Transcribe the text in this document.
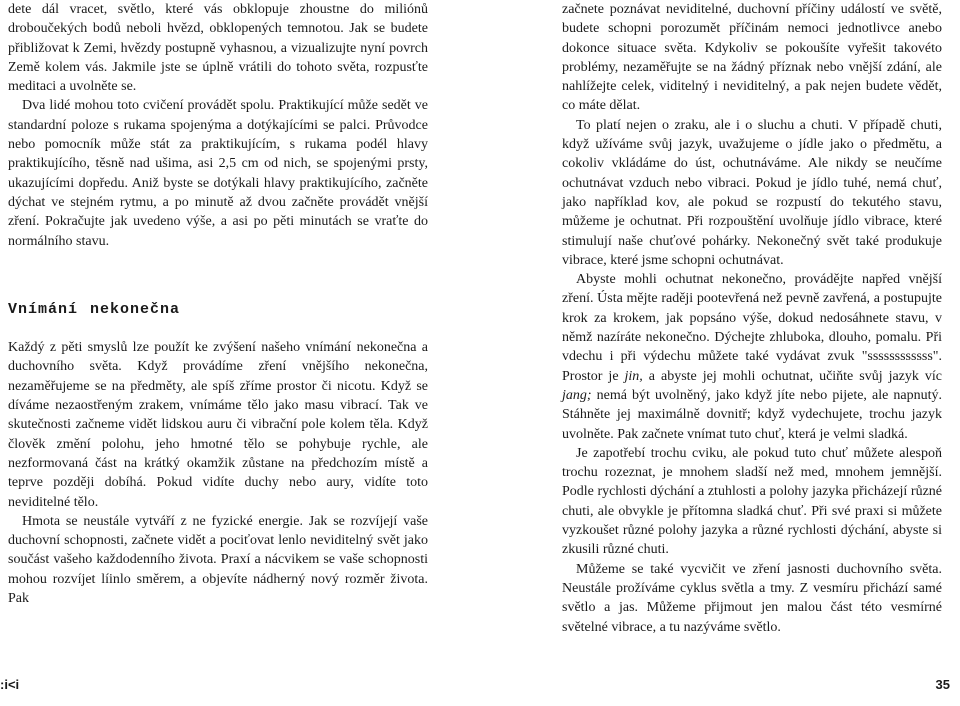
dete dál vracet, světlo, které vás obklopuje zhoustne do miliónů droboučekých bodů neboli hvězd, obklopených temnotou. Jak se budete přibližovat k Zemi, hvězdy postupně vyhasnou, a vizualizujte nyní povrch Země kolem vás. Jakmile jste se úplně vrátili do tohoto světa, rozpusťte meditaci a uvolněte se.

Dva lidé mohou toto cvičení provádět spolu. Praktikující může sedět ve standardní poloze s rukama spojenýma a dotýkajícími se palci. Průvodce nebo pomocník může stát za praktikujícím, s rukama podél hlavy praktikujícího, těsně nad ušima, asi 2,5 cm od nich, se spojenými prsty, ukazujícími dopředu. Aniž byste se dotýkali hlavy praktikujícího, začněte dýchat ve stejném rytmu, a po minutě až dvou začněte provádět vnější zření. Pokračujte jak uvedeno výše, a asi po pěti minutách se vraťte do normálního stavu.

Vnímání nekonečna

Každý z pěti smyslů lze použít ke zvýšení našeho vnímání nekonečna a duchovního světa. Když provádíme zření vnějšího nekonečna, nezaměřujeme se na předměty, ale spíš zříme prostor či nicotu. Když se díváme nezaostřeným zrakem, vnímáme tělo jako masu vibrací. Tak ve skutečnosti začneme vidět lidskou auru či vibrační pole kolem těla. Když člověk změní polohu, jeho hmotné tělo se pohybuje rychle, ale nezformovaná část na krátký okamžik zůstane na předchozím místě a teprve později dobíhá. Pokud vidíte duchy nebo aury, vidíte toto neviditelné tělo.

Hmota se neustále vytváří z ne fyzické energie. Jak se rozvíjejí vaše duchovní schopnosti, začnete vidět a pociťovat lenlo neviditelný svět jako součást vašeho každodenního života. Praxí a nácvikem se vaše schopnosti mohou rozvíjet líinlo směrem, a objevíte nádherný nový rozměr života. Pak

začnete poznávat neviditelné, duchovní příčiny událostí ve světě, budete schopni porozumět příčinám nemoci jednotlivce anebo dokonce situace světa. Kdykoliv se pokoušíte vyřešit takovéto problémy, nezaměřujte se na žádný příznak nebo vnější zdání, ale nahlížejte celek, viditelný i neviditelný, a pak nejen budete vědět, co máte dělat.

To platí nejen o zraku, ale i o sluchu a chuti. V případě chuti, když užíváme svůj jazyk, uvažujeme o jídle jako o předmětu, a cokoliv vkládáme do úst, ochutnáváme. Ale nikdy se neučíme ochutnávat vzduch nebo vibraci. Pokud je jídlo tuhé, nemá chuť, jako například kov, ale pokud se rozpustí do tekutého stavu, můžeme je ochutnat. Při rozpouštění uvolňuje jídlo vibrace, které stimulují naše chuťové pohárky. Nekonečný svět také produkuje vibrace, které jsme schopni ochutnávat.

Abyste mohli ochutnat nekonečno, provádějte napřed vnější zření. Ústa mějte raději pootevřená než pevně zavřená, a postupujte krok za krokem, jak popsáno výše, dokud nedosáhnete stavu, v němž nazíráte nekonečno. Dýchejte zhluboka, dlouho, pomalu. Při vdechu i při výdechu můžete také vydávat zvuk "ssssssssssss". Prostor je jin, a abyste jej mohli ochutnat, učiňte svůj jazyk víc jang; nemá být uvolněný, jako když jíte nebo pijete, ale napnutý. Stáhněte jej maximálně dovnitř; když vydechujete, trochu jazyk uvolněte. Pak začnete vnímat tuto chuť, která je velmi sladká.

Je zapotřebí trochu cviku, ale pokud tuto chuť můžete alespoň trochu rozeznat, je mnohem sladší než med, mnohem jemnější. Podle rychlosti dýchání a ztuhlosti a polohy jazyka přicházejí různé chuti, ale obvykle je přítomna sladká chuť. Při své praxi si můžete vyzkoušet různé polohy jazyka a různé rychlosti dýchání, abyste si zkusili různé chuti.

Můžeme se také vycvičit ve zření jasnosti duchovního světa. Neustále prožíváme cyklus světla a tmy. Z vesmíru přichází samé světlo a jas. Můžeme přijmout jen malou část této vesmírné světelné vibrace, a tu nazýváme světlo.

:i<i	35
